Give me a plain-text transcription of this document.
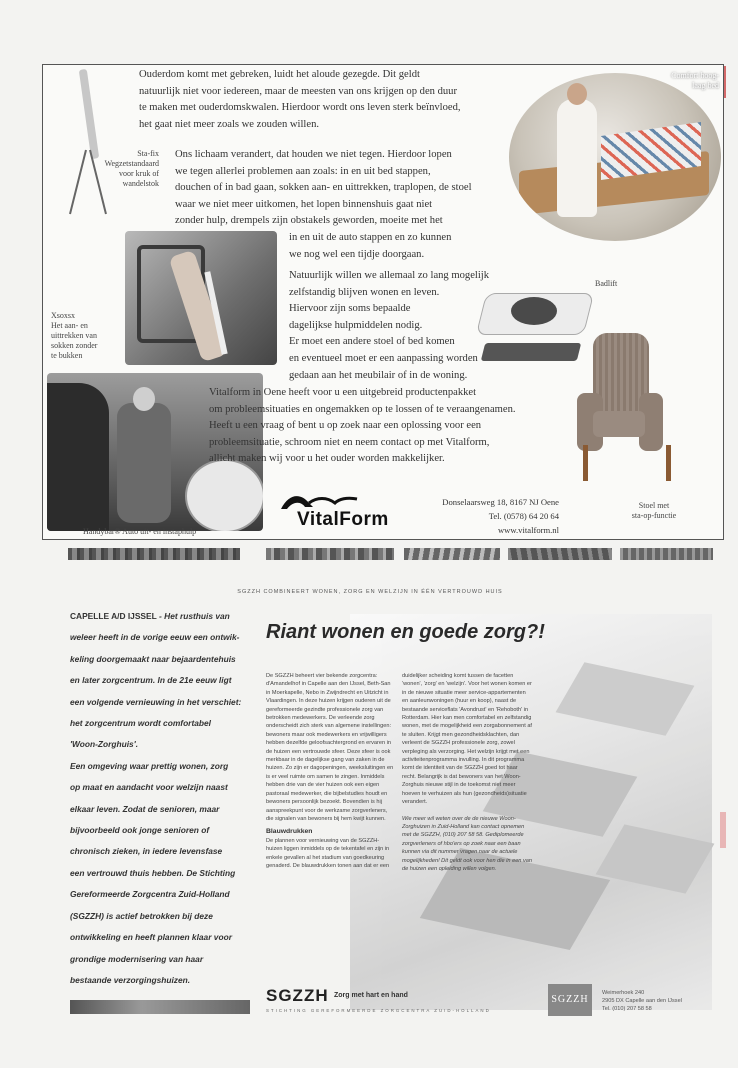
Ouderdom komt met gebreken, luidt het aloude gezegde. Dit geldt
natuurlijk niet voor iedereen, maar de meesten van ons krijgen op den duur
te maken met ouderdomskwalen. Hierdoor wordt ons leven sterk beïnvloed,
het gaat niet meer zoals we zouden willen.
Comfort hoog-
laag bed
Sta-fix
Wegzetstandaard
voor kruk of
wandelstok
Ons lichaam verandert, dat houden we niet tegen. Hierdoor lopen
we tegen allerlei problemen aan zoals: in en uit bed stappen,
douchen of in bad gaan, sokken aan- en uittrekken, traplopen, de stoel
waar we niet meer uitkomen, het lopen binnenshuis gaat niet
zonder hulp, drempels zijn obstakels geworden, moeite met het
in en uit de auto stappen en zo kunnen
we nog wel een tijdje doorgaan.
Xsoxsx
Het aan- en
uittrekken van
sokken zonder
te bukken
Natuurlijk willen we allemaal zo lang mogelijk
zelfstandig blijven wonen en leven.
Hiervoor zijn soms bepaalde
dagelijkse hulpmiddelen nodig.
Er moet een andere stoel of bed komen
en eventueel moet er een aanpassing worden
gedaan aan het meubilair of in de woning.
Badlift
Stoel met
sta-op-functie
Handybar® Auto uit- en instaphulp
Vitalform in Oene heeft voor u een uitgebreid productenpakket
om probleemsituaties en ongemakken op te lossen of te veraangenamen.
Heeft u een vraag of bent u op zoek naar een oplossing voor een
probleemsituatie, schroom niet en neem contact op met Vitalform,
allicht maken wij voor u het ouder worden makkelijker.
VitalForm
Donselaarsweg 18, 8167 NJ Oene
Tel. (0578) 64 20 64
www.vitalform.nl
SGZZH COMBINEERT WONEN, ZORG EN WELZIJN IN ÉÉN VERTROUWD HUIS
CAPELLE A/D IJSSEL - Het rusthuis van
weleer heeft in de vorige eeuw een ontwik-
keling doorgemaakt naar bejaardentehuis
en later zorgcentrum. In de 21e eeuw ligt
een volgende vernieuwing in het verschiet:
het zorgcentrum wordt comfortabel
'Woon-Zorghuis'.
Een omgeving waar prettig wonen, zorg
op maat en aandacht voor welzijn naast
elkaar leven. Zodat de senioren, maar
bijvoorbeeld ook jonge senioren of
chronisch zieken, in iedere levensfase
een vertrouwd thuis hebben. De Stichting
Gereformeerde Zorgcentra Zuid-Holland
(SGZZH) is actief betrokken bij deze
ontwikkeling en heeft plannen klaar voor
grondige modernisering van haar
bestaande verzorgingshuizen.
Riant wonen en goede zorg?!

De SGZZH beheert vier bekende zorgcentra: d'Amandelhof in Capelle aan den IJssel, Beth-San in Moerkapelle, Nebo in Zwijndrecht en Uitzicht in Vlaardingen. In deze huizen krijgen ouderen uit de gereformeerde gezindte professionele zorg van betrokken medewerkers. De verleende zorg onderscheidt zich sterk van algemene instellingen: bewoners maar ook medewerkers en vrijwilligers hebben dezelfde geloofsachtergrond en ervaren in de huizen een vertrouwde sfeer. Deze sfeer is ook merkbaar in de dagelijkse gang van zaken in de huizen. Zo zijn er dagopeningen, weeksluitingen en is er veel ruimte om samen te zingen. Inmiddels hebben drie van de vier huizen ook een eigen pastoraal medewerker, die bijbelstudies houdt en bewoners persoonlijk bezoekt. Bovendien is hij aanspreekpunt voor de werkzame zorgverleners, die signalen van bewoners bij hem kwijt kunnen.

Blauwdrukken

De plannen voor vernieuwing van de SGZZH-huizen liggen inmiddels op de tekentafel en zijn in enkele gevallen al het stadium van goedkeuring genaderd. De blauwdrukken tonen aan dat er een

duidelijker scheiding komt tussen de facetten 'wonen', 'zorg' en 'welzijn'. Voor het wonen komen er in de nieuwe situatie meer service-appartementen en aanleunwoningen (huur en koop), naast de bestaande serviceflats 'Avondrust' en 'Rehoboth' in Rotterdam. Hier kan men comfortabel en zelfstandig wonen, met de mogelijkheid een zorgabonnement af te sluiten. Krijgt men gezondheidsklachten, dan verleent de SGZZH professionele zorg, zowel verpleging als verzorging. Het welzijn krijgt met een activiteitenprogramma invulling. In dit programma komt de identiteit van de SGZZH goed tot haar recht. Belangrijk is dat bewoners van het Woon-Zorghuis nieuwe stijl in de toekomst niet meer hoeven te verhuizen als hun (gezondheids)situatie verandert.

Wie meer wil weten over de de nieuwe Woon-Zorghuizen in Zuid-Holland kan contact opnemen met de SGZZH, (010) 207 58 58. Gediplomeerde zorgverleners of hbo'ers op zoek naar een baan kunnen via dit nummer vragen naar de actuele mogelijkheden! Dit geldt ook voor hen die in een van de huizen een opleiding willen volgen.

SGZZH Zorg met hart en hand
STICHTING GEREFORMEERDE ZORGCENTRA ZUID-HOLLAND
SGZZH
Weimerhoek 240
2905 DX Capelle aan den IJssel
Tel. (010) 207 58 58
